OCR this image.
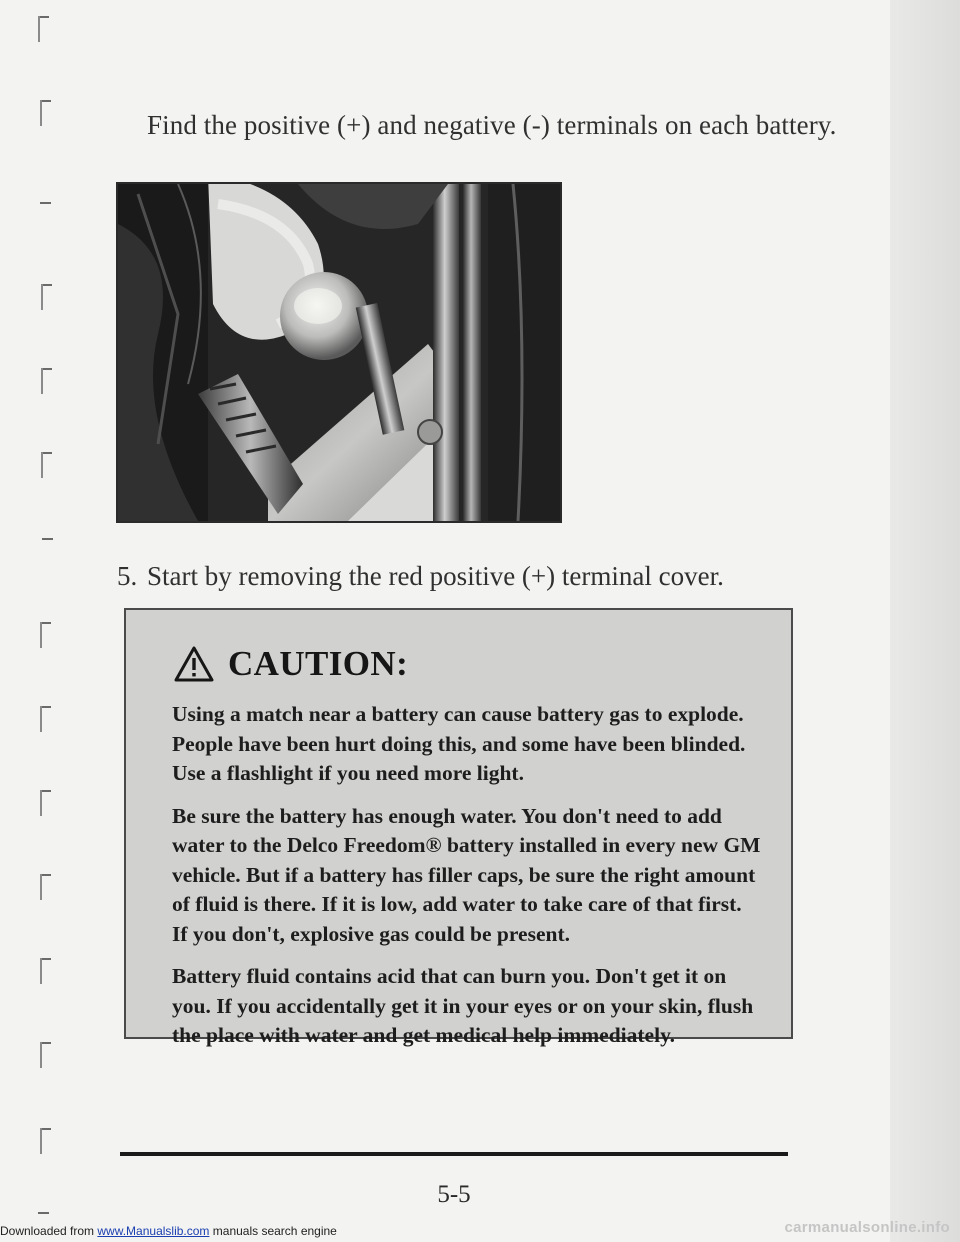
Find the positive (+) and negative (-) terminals on each battery.

5. Start by removing the red positive (+) terminal cover.

CAUTION:

Using a match near a battery can cause battery gas to explode. People have been hurt doing this, and some have been blinded. Use a flashlight if you need more light.

Be sure the battery has enough water. You don't need to add water to the Delco Freedom® battery installed in every new GM vehicle. But if a battery has filler caps, be sure the right amount of fluid is there. If it is low, add water to take care of that first. If you don't, explosive gas could be present.

Battery fluid contains acid that can burn you. Don't get it on you. If you accidentally get it in your eyes or on your skin, flush the place with water and get medical help immediately.

5-5
Downloaded from www.Manualslib.com manuals search engine	carmanualsonline.info
